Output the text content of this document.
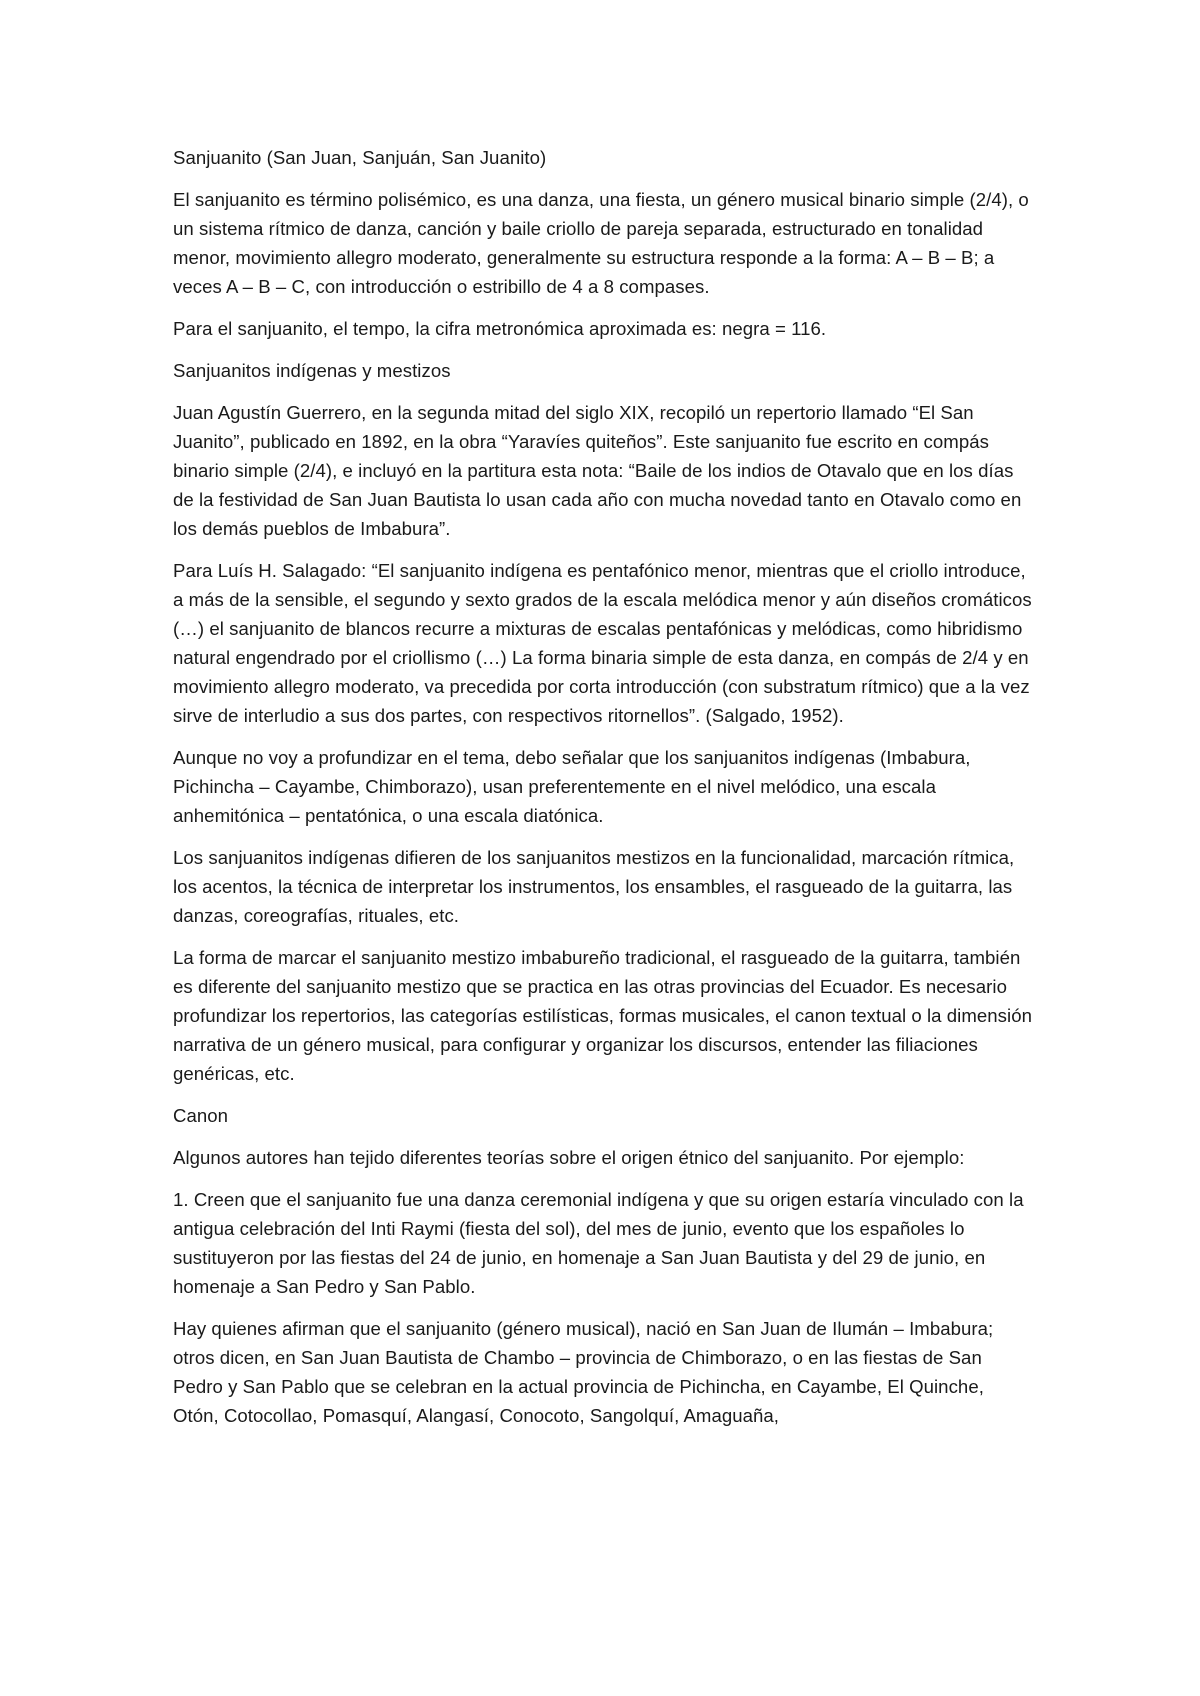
Sanjuanito (San Juan, Sanjuán, San Juanito)

El sanjuanito es término polisémico, es una danza, una fiesta, un género musical binario simple (2/4), o un sistema rítmico de danza, canción y baile criollo de pareja separada, estructurado en tonalidad menor, movimiento allegro moderato, generalmente su estructura responde a la forma: A – B – B; a veces A – B – C, con introducción o estribillo de 4 a 8 compases.

Para el sanjuanito, el tempo, la cifra metronómica aproximada es: negra = 116.

Sanjuanitos indígenas y mestizos

Juan Agustín Guerrero, en la segunda mitad del siglo XIX, recopiló un repertorio llamado “El San Juanito”, publicado en 1892, en la obra “Yaravíes quiteños”. Este sanjuanito fue escrito en compás binario simple (2/4), e incluyó en la partitura esta nota: “Baile de los indios de Otavalo que en los días de la festividad de San Juan Bautista lo usan cada año con mucha novedad tanto en Otavalo como en los demás pueblos de Imbabura”.

Para Luís H. Salagado: “El sanjuanito indígena es pentafónico menor, mientras que el criollo introduce, a más de la sensible, el segundo y sexto grados de la escala melódica menor y aún diseños cromáticos (…) el sanjuanito de blancos recurre a mixturas de escalas pentafónicas y melódicas, como hibridismo natural engendrado por el criollismo (…) La forma binaria simple de esta danza, en compás de 2/4 y en movimiento allegro moderato, va precedida por corta introducción (con substratum rítmico) que a la vez sirve de interludio a sus dos partes, con respectivos ritornellos”. (Salgado, 1952).

Aunque no voy a profundizar en el tema, debo señalar que los sanjuanitos indígenas (Imbabura, Pichincha – Cayambe, Chimborazo), usan preferentemente en el nivel melódico, una escala anhemitónica – pentatónica, o una escala diatónica.

Los sanjuanitos indígenas difieren de los sanjuanitos mestizos en la funcionalidad, marcación rítmica, los acentos, la técnica de interpretar los instrumentos, los ensambles, el rasgueado de la guitarra, las danzas, coreografías, rituales, etc.

La forma de marcar el sanjuanito mestizo imbabureño tradicional, el rasgueado de la guitarra, también es diferente del sanjuanito mestizo que se practica en las otras provincias del Ecuador. Es necesario profundizar los repertorios, las categorías estilísticas, formas musicales, el canon textual o la dimensión narrativa de un género musical, para configurar y organizar los discursos, entender las filiaciones genéricas, etc.

Canon

Algunos autores han tejido diferentes teorías sobre el origen étnico del sanjuanito. Por ejemplo:

1. Creen que el sanjuanito fue una danza ceremonial indígena y que su origen estaría vinculado con la antigua celebración del Inti Raymi (fiesta del sol), del mes de junio, evento que los españoles lo sustituyeron por las fiestas del 24 de junio, en homenaje a San Juan Bautista y del 29 de junio, en homenaje a San Pedro y San Pablo.

Hay quienes afirman que el sanjuanito (género musical), nació en San Juan de Ilumán – Imbabura; otros dicen, en San Juan Bautista de Chambo – provincia de Chimborazo, o en las fiestas de San Pedro y San Pablo que se celebran en la actual provincia de Pichincha, en Cayambe, El Quinche, Otón, Cotocollao, Pomasquí, Alangasí, Conocoto, Sangolquí, Amaguaña,
